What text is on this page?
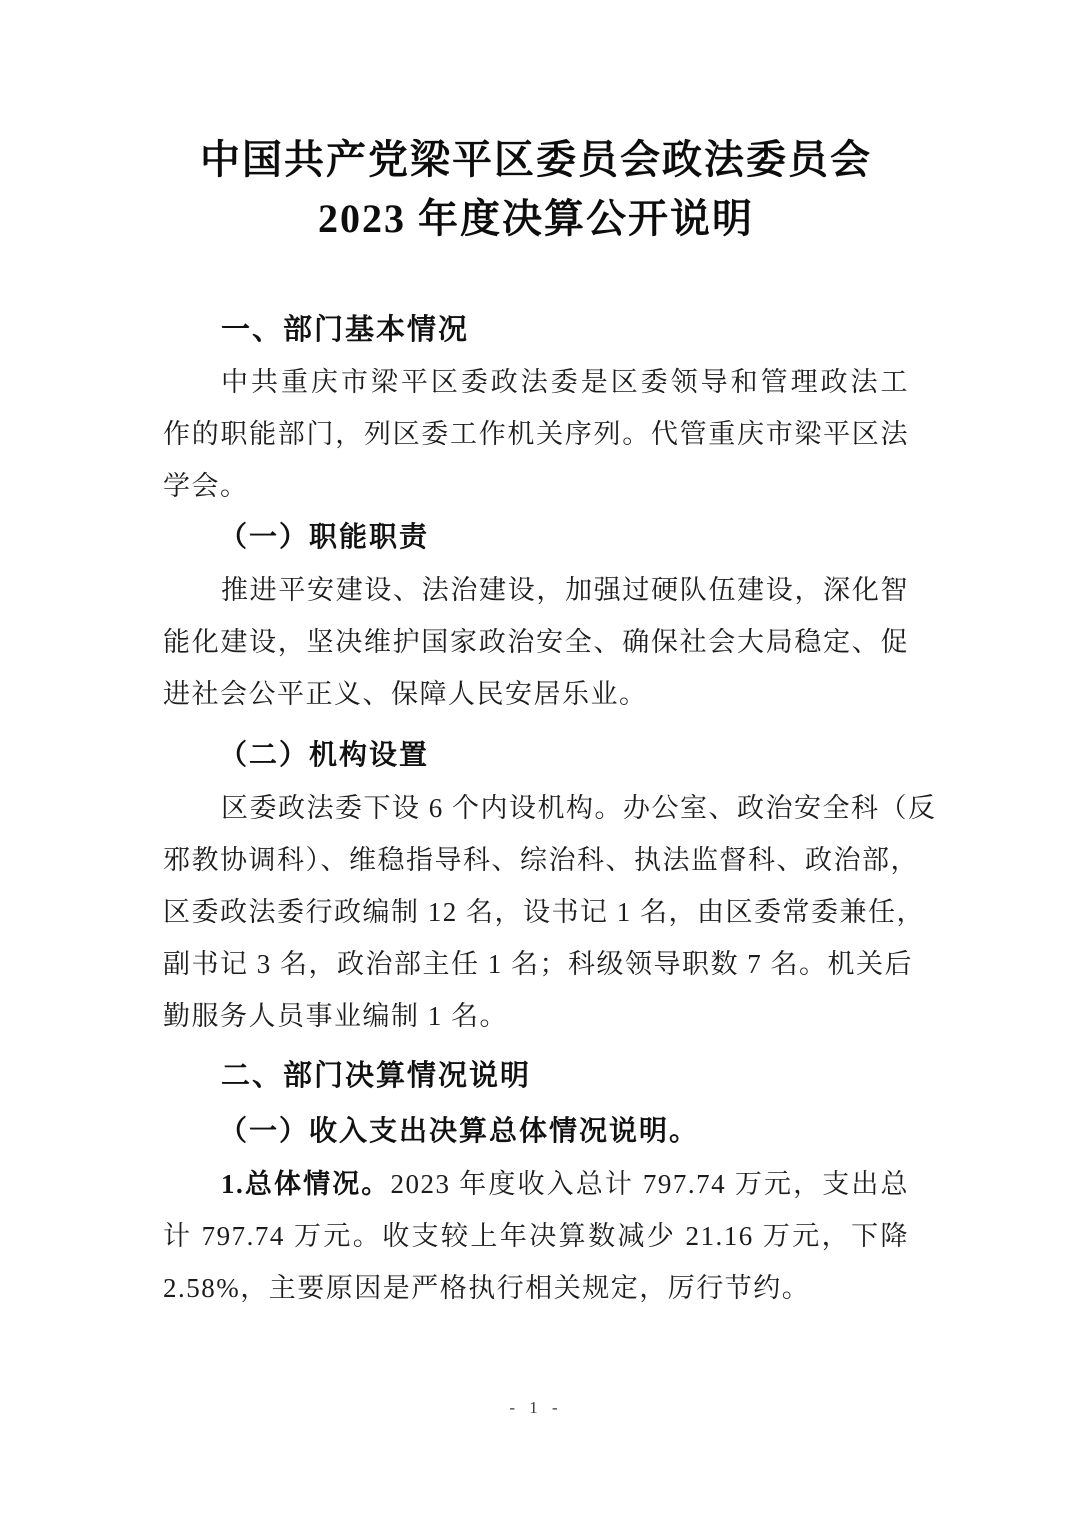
中国共产党梁平区委员会政法委员会
2023 年度决算公开说明
一、部门基本情况

中共重庆市梁平区委政法委是区委领导和管理政法工
作的职能部门，列区委工作机关序列。代管重庆市梁平区法
学会。

（一）职能职责

推进平安建设、法治建设，加强过硬队伍建设，深化智
能化建设，坚决维护国家政治安全、确保社会大局稳定、促
进社会公平正义、保障人民安居乐业。

（二）机构设置

区委政法委下设 6 个内设机构。办公室、政治安全科（反
邪教协调科）、维稳指导科、综治科、执法监督科、政治部，
区委政法委行政编制 12 名，设书记 1 名，由区委常委兼任，
副书记 3 名，政治部主任 1 名；科级领导职数 7 名。机关后
勤服务人员事业编制 1 名。

二、部门决算情况说明
（一）收入支出决算总体情况说明。

1.总体情况。2023 年度收入总计 797.74 万元，支出总
计 797.74 万元。收支较上年决算数减少 21.16 万元，下降
2.58%，主要原因是严格执行相关规定，厉行节约。

- 1 -
